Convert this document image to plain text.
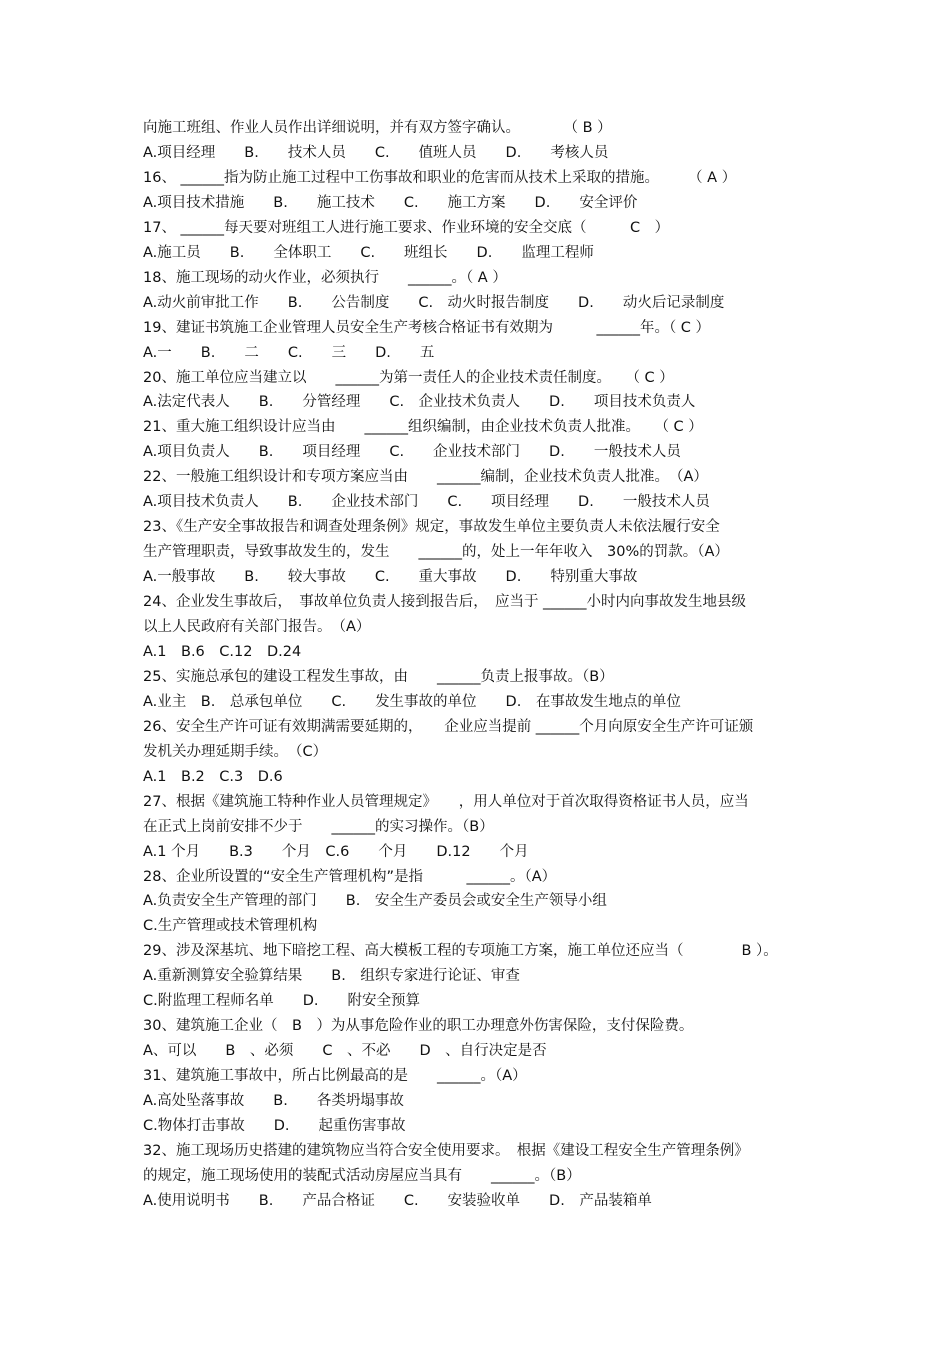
向施工班组、作业人员作出详细说明，并有双方签字确认。　　　　（ B ）
A.项目经理　　B.　　技术人员　　C.　　值班人员　　D.　　考核人员
16、 ______指为防止施工过程中工伤事故和职业的危害而从技术上采取的措施。　　　（ A ）
A.项目技术措施　　B.　　施工技术　　C.　　施工方案　　D.　　安全评价
17、 ______每天要对班组工人进行施工要求、作业环境的安全交底（　　　C　）
A.施工员　　B.　　全体职工　　C.　　班组长　　D.　　监理工程师
18、施工现场的动火作业，必须执行　　______。（ A ）
A.动火前审批工作　　B.　　公告制度　　C.　动火时报告制度　　D.　　动火后记录制度
19、建证书筑施工企业管理人员安全生产考核合格证书有效期为　　　______年。（ C ）
A.一　　B.　　二　　C.　　三　　D.　　五
20、施工单位应当建立以　　______为第一责任人的企业技术责任制度。　　（ C ）
A.法定代表人　　B.　　分管经理　　C.　企业技术负责人　　D.　　项目技术负责人
21、重大施工组织设计应当由　　______组织编制，由企业技术负责人批准。　　（ C ）
A.项目负责人　　B.　　项目经理　　C.　　企业技术部门　　D.　　一般技术人员
22、一般施工组织设计和专项方案应当由　　______编制，企业技术负责人批准。　（A）
A.项目技术负责人　　B.　　企业技术部门　　C.　　项目经理　　D.　　一般技术人员
23、《生产安全事故报告和调查处理条例》规定，事故发生单位主要负责人未依法履行安全
生产管理职责，导致事故发生的，发生　　______的，处上一年年收入　30%的罚款。（A）
A.一般事故　　B.　　较大事故　　C.　　重大事故　　D.　　特别重大事故
24、企业发生事故后，　事故单位负责人接到报告后，　应当于 ______小时内向事故发生地县级
以上人民政府有关部门报告。　（A）
A.1　B.6　C.12　D.24
25、实施总承包的建设工程发生事故，由　　______负责上报事故。（B）
A.业主　B.　总承包单位　　C.　　发生事故的单位　　D.　在事故发生地点的单位
26、安全生产许可证有效期满需要延期的，　　企业应当提前 ______个月向原安全生产许可证颁
发机关办理延期手续。　（C）
A.1　B.2　C.3　D.6
27、根据《建筑施工特种作业人员管理规定》　　，用人单位对于首次取得资格证书人员，应当
在正式上岗前安排不少于　　______的实习操作。（B）
A.1 个月　　B.3　　个月　C.6　　个月　　D.12　　个月
28、企业所设置的“安全生产管理机构”是指　　　______。（A）
A.负责安全生产管理的部门　　B.　安全生产委员会或安全生产领导小组
C.生产管理或技术管理机构
29、涉及深基坑、地下暗挖工程、高大模板工程的专项施工方案，施工单位还应当（　　　　B ）。
A.重新测算安全验算结果　　B.　组织专家进行论证、审查
C.附监理工程师名单　　D.　　附安全预算
30、建筑施工企业（　B　）为从事危险作业的职工办理意外伤害保险，支付保险费。
A、可以　　B　、必须　　C　、不必　　D　、自行决定是否
31、建筑施工事故中，所占比例最高的是　　______。（A）
A.高处坠落事故　　B.　　各类坍塌事故
C.物体打击事故　　D.　　起重伤害事故
32、施工现场历史搭建的建筑物应当符合安全使用要求。　根据《建设工程安全生产管理条例》
的规定，施工现场使用的装配式活动房屋应当具有　　______。（B）
A.使用说明书　　B.　　产品合格证　　C.　　安装验收单　　D.　产品装箱单
